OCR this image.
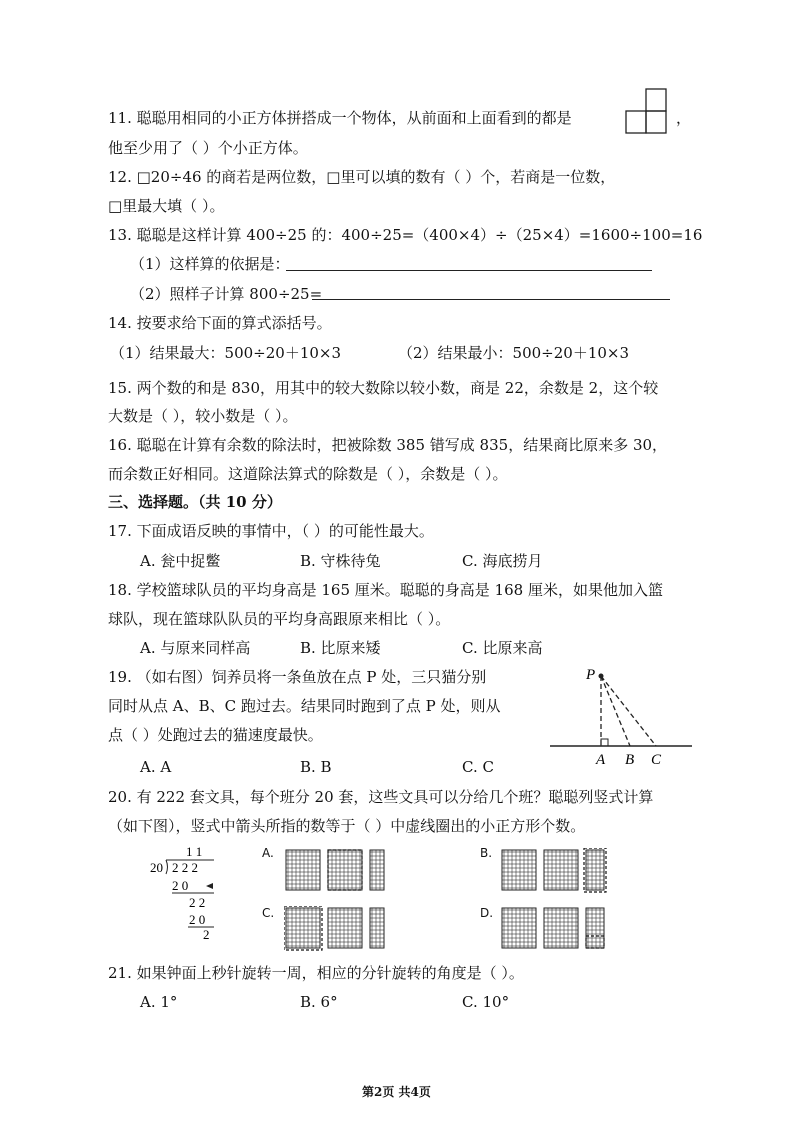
11. 聪聪用相同的小正方体拼搭成一个物体，从前面和上面看到的都是	，
他至少用了（ ）个小正方体。
12. □20÷46 的商若是两位数，□里可以填的数有（ ）个，若商是一位数，
□里最大填（ ）。
13. 聪聪是这样计算 400÷25 的：400÷25=（400×4）÷（25×4）=1600÷100=16
（1）这样算的依据是：
（2）照样子计算 800÷25=
14. 按要求给下面的算式添括号。
（1）结果最大：500÷20＋10×3	（2）结果最小：500÷20＋10×3
15. 两个数的和是 830，用其中的较大数除以较小数，商是 22，余数是 2，这个较
大数是（ ），较小数是（ ）。
16. 聪聪在计算有余数的除法时，把被除数 385 错写成 835，结果商比原来多 30，
而余数正好相同。这道除法算式的除数是（ ），余数是（ ）。
三、选择题。（共 10 分）
17. 下面成语反映的事情中，（ ）的可能性最大。
A. 瓮中捉鳖	B. 守株待兔	C. 海底捞月
18. 学校篮球队员的平均身高是 165 厘米。聪聪的身高是 168 厘米，如果他加入篮
球队，现在篮球队队员的平均身高跟原来相比（ ）。
A. 与原来同样高	B. 比原来矮	C. 比原来高
19. （如右图）饲养员将一条鱼放在点 P 处，三只猫分别
同时从点 A、B、C 跑过去。结果同时跑到了点 P 处，则从
点（ ）处跑过去的猫速度最快。
A. A	B. B	C. C
P
A B C
20. 有 222 套文具，每个班分 20 套，这些文具可以分给几个班？聪聪列竖式计算
（如下图），竖式中箭头所指的数等于（ ）中虚线圈出的小正方形个数。
1 1
20 2 2 2
2 0
2 2
2 0
2
A.	B.
C.	D.
21. 如果钟面上秒针旋转一周，相应的分针旋转的角度是（ ）。
A. 1°	B. 6°	C. 10°
第2页 共4页
